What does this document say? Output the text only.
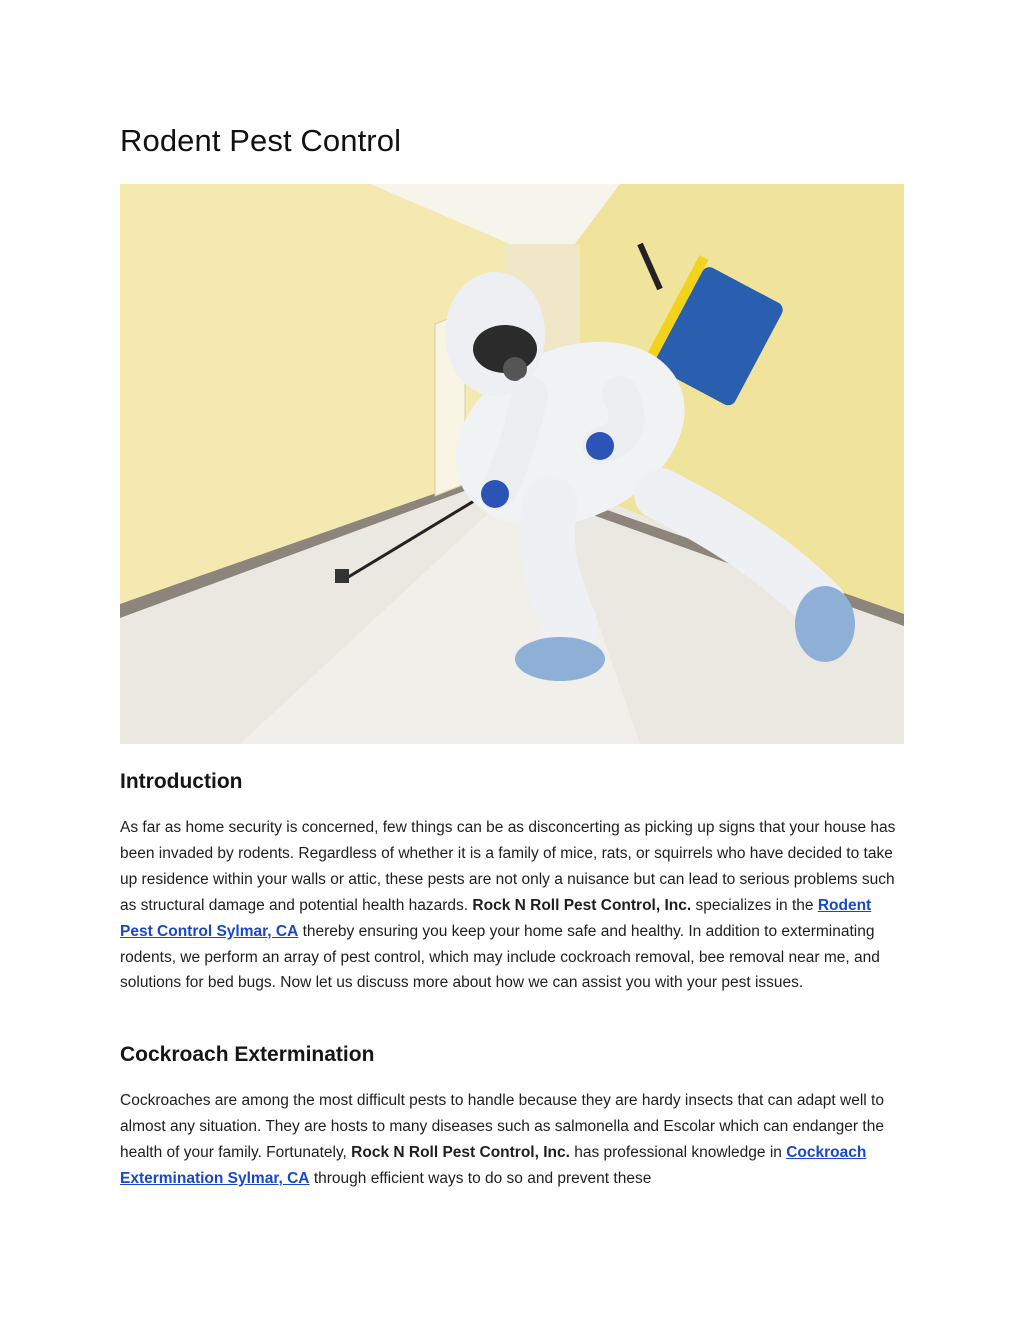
Rodent Pest Control
Introduction

As far as home security is concerned, few things can be as disconcerting as picking up signs that your house has been invaded by rodents. Regardless of whether it is a family of mice, rats, or squirrels who have decided to take up residence within your walls or attic, these pests are not only a nuisance but can lead to serious problems such as structural damage and potential health hazards. Rock N Roll Pest Control, Inc. specializes in the Rodent Pest Control Sylmar, CA thereby ensuring you keep your home safe and healthy. In addition to exterminating rodents, we perform an array of pest control, which may include cockroach removal, bee removal near me, and solutions for bed bugs. Now let us discuss more about how we can assist you with your pest issues.

Cockroach Extermination

Cockroaches are among the most difficult pests to handle because they are hardy insects that can adapt well to almost any situation. They are hosts to many diseases such as salmonella and Escolar which can endanger the health of your family. Fortunately, Rock N Roll Pest Control, Inc. has professional knowledge in Cockroach Extermination Sylmar, CA through efficient ways to do so and prevent these
